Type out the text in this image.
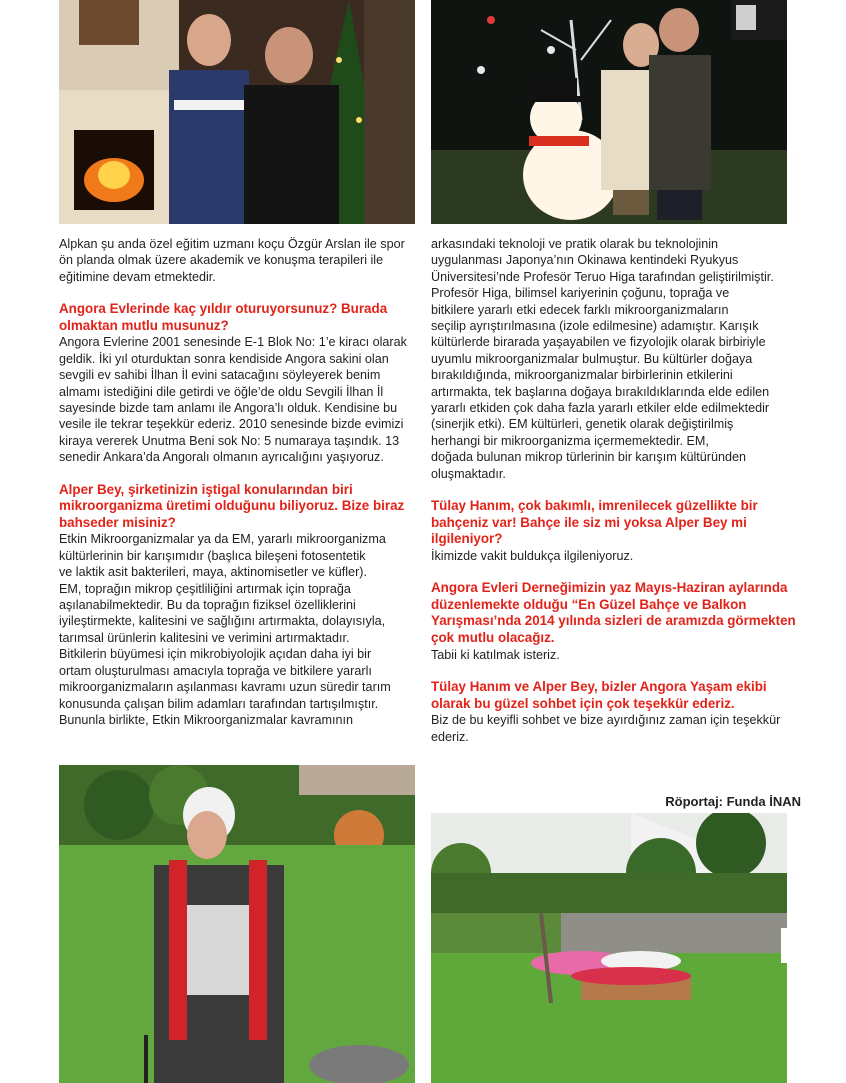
Alpkan şu anda özel eğitim uzmanı koçu Özgür Arslan ile spor ön planda olmak üzere akademik ve konuşma terapileri ile eğitimine devam etmektedir.

Angora Evlerinde kaç yıldır oturuyorsunuz? Burada olmaktan mutlu musunuz?

Angora Evlerine 2001 senesinde E-1 Blok No: 1’e kiracı olarak geldik. İki yıl oturduktan sonra kendiside Angora sakini olan sevgili ev sahibi İlhan İl evini satacağını söyleyerek benim almamı istediğini dile getirdi ve öğle’de oldu Sevgili İlhan İl sayesinde bizde tam anlamı ile Angora’lı olduk. Kendisine bu vesile ile tekrar teşekkür ederiz. 2010 senesinde bizde evimizi kiraya vererek Unutma Beni sok No: 5 numaraya taşındık. 13 senedir Ankara’da Angoralı olmanın ayrıcalığını yaşıyoruz.

Alper Bey, şirketinizin iştigal konularından biri mikroorganizma üretimi olduğunu biliyoruz. Bize biraz bahseder misiniz?

Etkin Mikroorganizmalar ya da EM, yararlı mikroorganizma

kültürlerinin bir karışımıdır (başlıca bileşeni fotosentetik

ve laktik asit bakterileri, maya, aktinomisetler ve küfler).

EM, toprağın mikrop çeşitliliğini artırmak için toprağa

aşılanabilmektedir. Bu da toprağın fiziksel özelliklerini

iyileştirmekte, kalitesini ve sağlığını artırmakta, dolayısıyla,

tarımsal ürünlerin kalitesini ve verimini artırmaktadır.

Bitkilerin büyümesi için mikrobiyolojik açıdan daha iyi bir

ortam oluşturulması amacıyla toprağa ve bitkilere yararlı

mikroorganizmaların aşılanması kavramı uzun süredir tarım

konusunda çalışan bilim adamları tarafından tartışılmıştır.

Bununla birlikte, Etkin Mikroorganizmalar kavramının

arkasındaki teknoloji ve pratik olarak bu teknolojinin

uygulanması Japonya’nın Okinawa kentindeki Ryukyus

Üniversitesi’nde Profesör Teruo Higa tarafından geliştirilmiştir.

Profesör Higa, bilimsel kariyerinin çoğunu, toprağa ve

bitkilere yararlı etki edecek farklı mikroorganizmaların

seçilip ayrıştırılmasına (izole edilmesine) adamıştır. Karışık

kültürlerde birarada yaşayabilen ve fizyolojik olarak birbiriyle

uyumlu mikroorganizmalar bulmuştur. Bu kültürler doğaya

bırakıldığında, mikroorganizmalar birbirlerinin etkilerini

artırmakta, tek başlarına doğaya bırakıldıklarında elde edilen

yararlı etkiden çok daha fazla yararlı etkiler elde edilmektedir

(sinerjik etki). EM kültürleri, genetik olarak değiştirilmiş

herhangi bir mikroorganizma içermemektedir. EM,

doğada bulunan mikrop türlerinin bir karışım kültüründen

oluşmaktadır.

Tülay Hanım, çok bakımlı, imrenilecek güzellikte bir bahçeniz var! Bahçe ile siz mi yoksa Alper Bey mi ilgileniyor?

İkimizde vakit buldukça ilgileniyoruz.

Angora Evleri Derneğimizin yaz Mayıs-Haziran aylarında düzenlemekte olduğu “En Güzel Bahçe ve Balkon Yarışması’nda 2014 yılında sizleri de aramızda görmekten çok mutlu olacağız.

Tabii ki katılmak isteriz.

Tülay Hanım ve Alper Bey, bizler Angora Yaşam ekibi olarak bu güzel sohbet için çok teşekkür ederiz.

Biz de bu keyifli sohbet ve bize ayırdığınız zaman için teşekkür ederiz.

Röportaj: Funda İNAN
